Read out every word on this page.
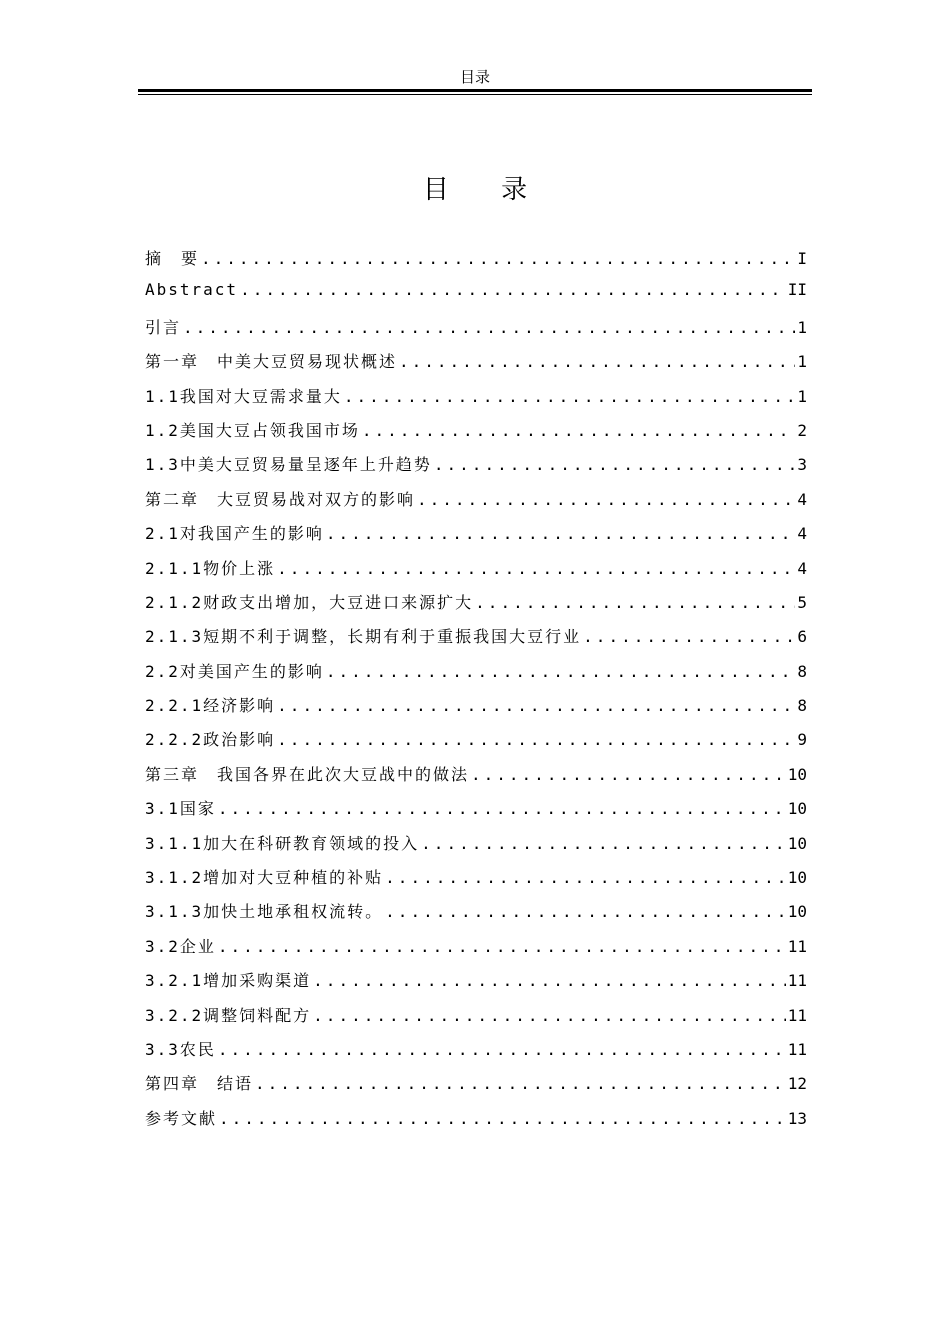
目录
目 录
摘　要 .....	I
Abstract .....	II
引言 .....	1
第一章　中美大豆贸易现状概述 .....	1
1.1我国对大豆需求量大 .....	1
1.2美国大豆占领我国市场 .....	2
1.3中美大豆贸易量呈逐年上升趋势 .....	3
第二章　大豆贸易战对双方的影响 .....	4
2.1对我国产生的影响 .....	4
2.1.1物价上涨 .....	4
2.1.2财政支出增加，大豆进口来源扩大 .....	5
2.1.3短期不利于调整，长期有利于重振我国大豆行业 .....	6
2.2对美国产生的影响 .....	8
2.2.1经济影响 .....	8
2.2.2政治影响 .....	9
第三章　我国各界在此次大豆战中的做法 .....	10
3.1国家 .....	10
3.1.1加大在科研教育领域的投入 .....	10
3.1.2增加对大豆种植的补贴 .....	10
3.1.3加快土地承租权流转。 .....	10
3.2企业 .....	11
3.2.1增加采购渠道 .....	11
3.2.2调整饲料配方 .....	11
3.3农民 .....	11
第四章　结语 .....	12
参考文献 .....	13
